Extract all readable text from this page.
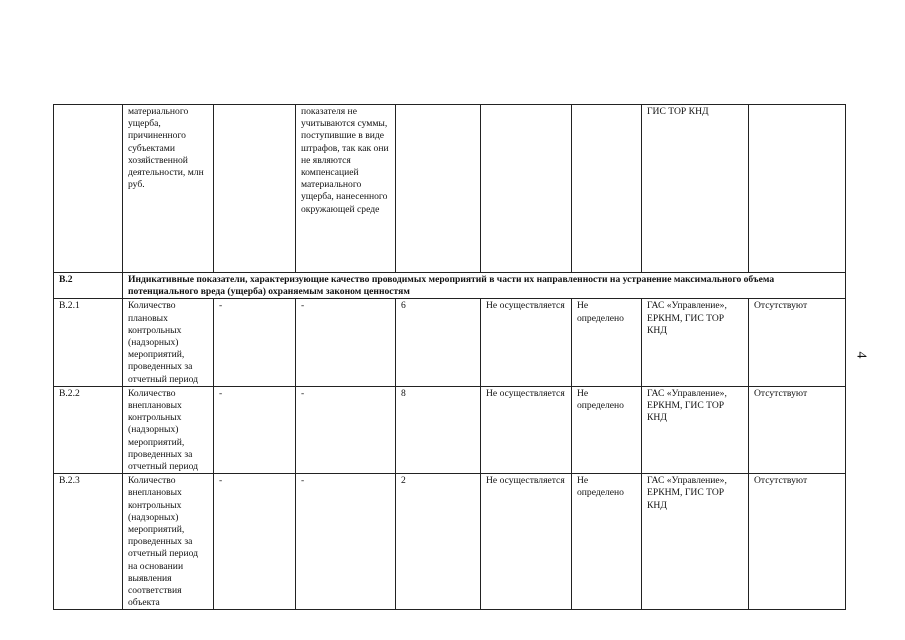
	материального ущерба, причиненного субъектами хозяйственной деятельности, млн руб.		показателя не учитываются суммы, поступившие в виде штрафов, так как они не являются компенсацией материального ущерба, нанесенного окружающей среде				ГИС ТОР КНД	
В.2	Индикативные показатели, характеризующие качество проводимых мероприятий в части их направленности на устранение максимального объема потенциального вреда (ущерба) охраняемым законом ценностям							
В.2.1	Количество плановых контрольных (надзорных) мероприятий, проведенных за отчетный период	-	-	6	Не осуществляется	Не определено	ГАС «Управление», ЕРКНМ, ГИС ТОР КНД	Отсутствуют
В.2.2	Количество внеплановых контрольных (надзорных) мероприятий, проведенных за отчетный период	-	-	8	Не осуществляется	Не определено	ГАС «Управление», ЕРКНМ, ГИС ТОР КНД	Отсутствуют
В.2.3	Количество внеплановых контрольных (надзорных) мероприятий, проведенных за отчетный период на основании выявления соответствия объекта	-	-	2	Не осуществляется	Не определено	ГАС «Управление», ЕРКНМ, ГИС ТОР КНД	Отсутствуют
4
